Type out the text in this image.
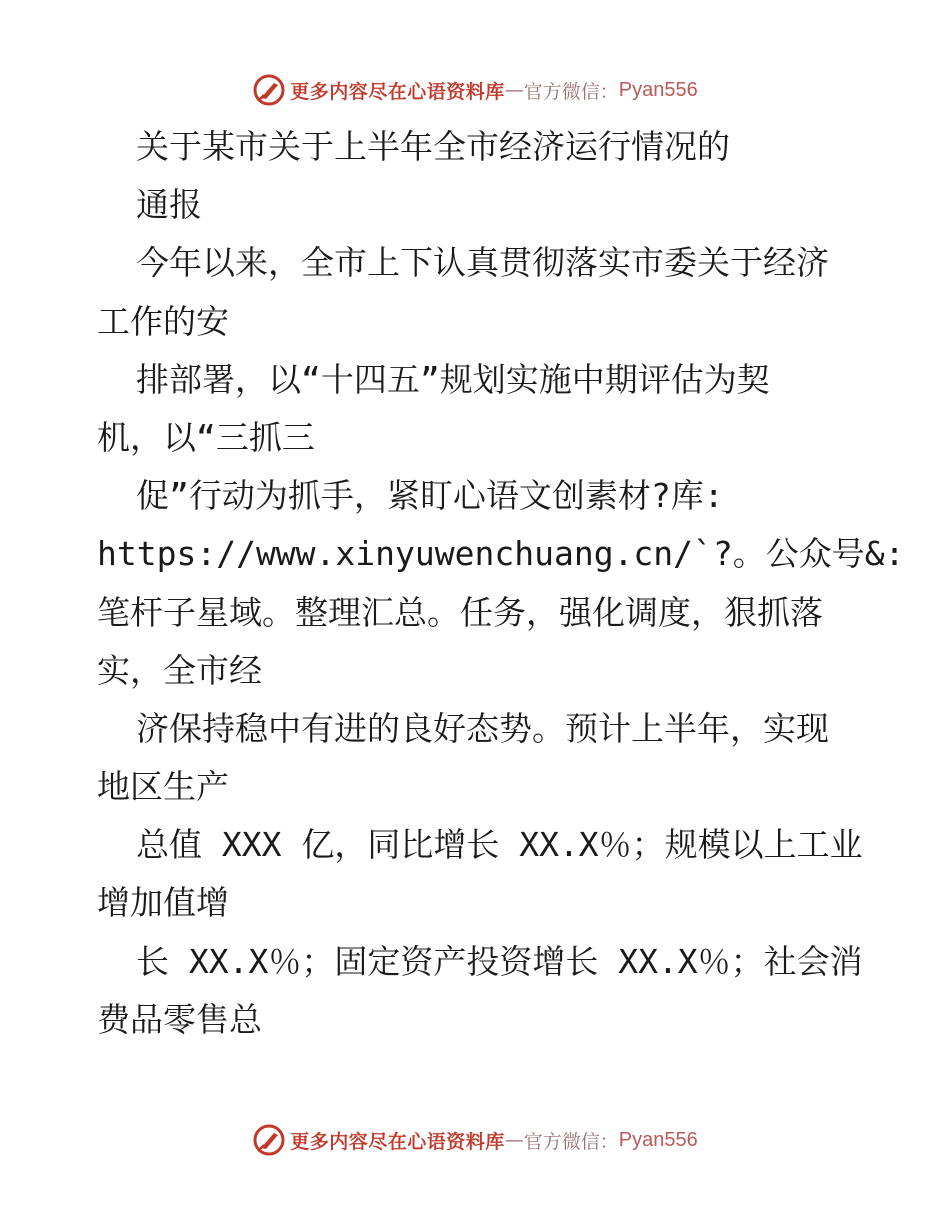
更多内容尽在心语资料库 — 官方微信： Pyan556
关于某市关于上半年全市经济运行情况的
通报
今年以来，全市上下认真贯彻落实市委关于经济
工作的安
排部署，以“十四五”规划实施中期评估为契
机，以“三抓三
促”行动为抓手，紧盯心语文创素材?库:
https://www.xinyuwenchuang.cn/`?。公众号&:
笔杆子星域。整理汇总。任务，强化调度，狠抓落
实，全市经
济保持稳中有进的良好态势。预计上半年，实现
地区生产
总值 XXX 亿，同比增长 XX.X％；规模以上工业
增加值增
长 XX.X％；固定资产投资增长 XX.X％；社会消
费品零售总
更多内容尽在心语资料库 — 官方微信： Pyan556
